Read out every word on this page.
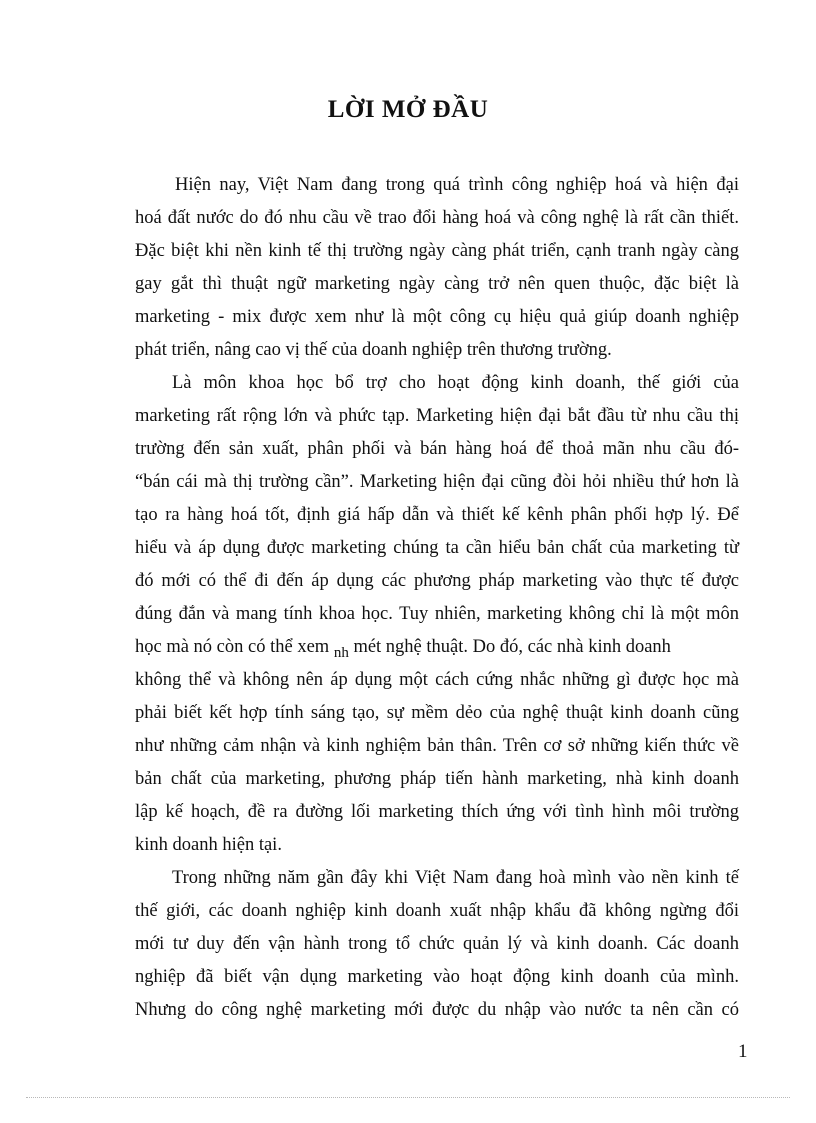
LỜI MỞ ĐẦU
Hiện nay, Việt Nam đang trong quá trình công nghiệp hoá và hiện đại
hoá đất nước do đó nhu cầu về trao đổi hàng hoá và công nghệ là rất cần thiết.
Đặc biệt khi nền kinh tế thị trường ngày càng phát triển, cạnh tranh ngày càng
gay gắt thì thuật ngữ marketing ngày càng trở nên quen thuộc, đặc biệt là
marketing - mix được xem như là một công cụ hiệu quả giúp doanh nghiệp
phát triển, nâng cao vị thế của doanh nghiệp trên thương trường.
Là môn khoa học bổ trợ cho hoạt động kinh doanh, thế giới của
marketing rất rộng lớn và phức tạp. Marketing hiện đại bắt đầu từ nhu cầu thị
trường đến sản xuất, phân phối và bán hàng hoá để thoả mãn nhu cầu đó-
“bán cái mà thị trường cần”. Marketing hiện đại cũng đòi hỏi nhiều thứ hơn là
tạo ra hàng hoá tốt, định giá hấp dẫn và thiết kế kênh phân phối hợp lý. Để
hiểu và áp dụng được marketing chúng ta cần hiểu bản chất của marketing từ
đó mới có thể đi đến áp dụng các phương pháp marketing vào thực tế được
đúng đắn và mang tính khoa học. Tuy nhiên, marketing không chỉ là một môn
học mà nó còn có thể xem $_{nh}$ mét nghệ thuật. Do đó, các nhà kinh doanh
không thể và không nên áp dụng một cách cứng nhắc những gì được học mà
phải biết kết hợp tính sáng tạo, sự mềm dẻo của nghệ thuật kinh doanh cũng
như những cảm nhận và kinh nghiệm bản thân. Trên cơ sở những kiến thức về
bản chất của marketing, phương pháp tiến hành marketing, nhà kinh doanh
lập kế hoạch, đề ra đường lối marketing thích ứng với tình hình môi trường
kinh doanh hiện tại.
Trong những năm gần đây khi Việt Nam đang hoà mình vào nền kinh tế
thế giới, các doanh nghiệp kinh doanh xuất nhập khẩu đã không ngừng đổi
mới tư duy đến vận hành trong tổ chức quản lý và kinh doanh. Các doanh
nghiệp đã biết vận dụng marketing vào hoạt động kinh doanh của mình.
Nhưng do công nghệ marketing mới được du nhập vào nước ta nên cần có
1
